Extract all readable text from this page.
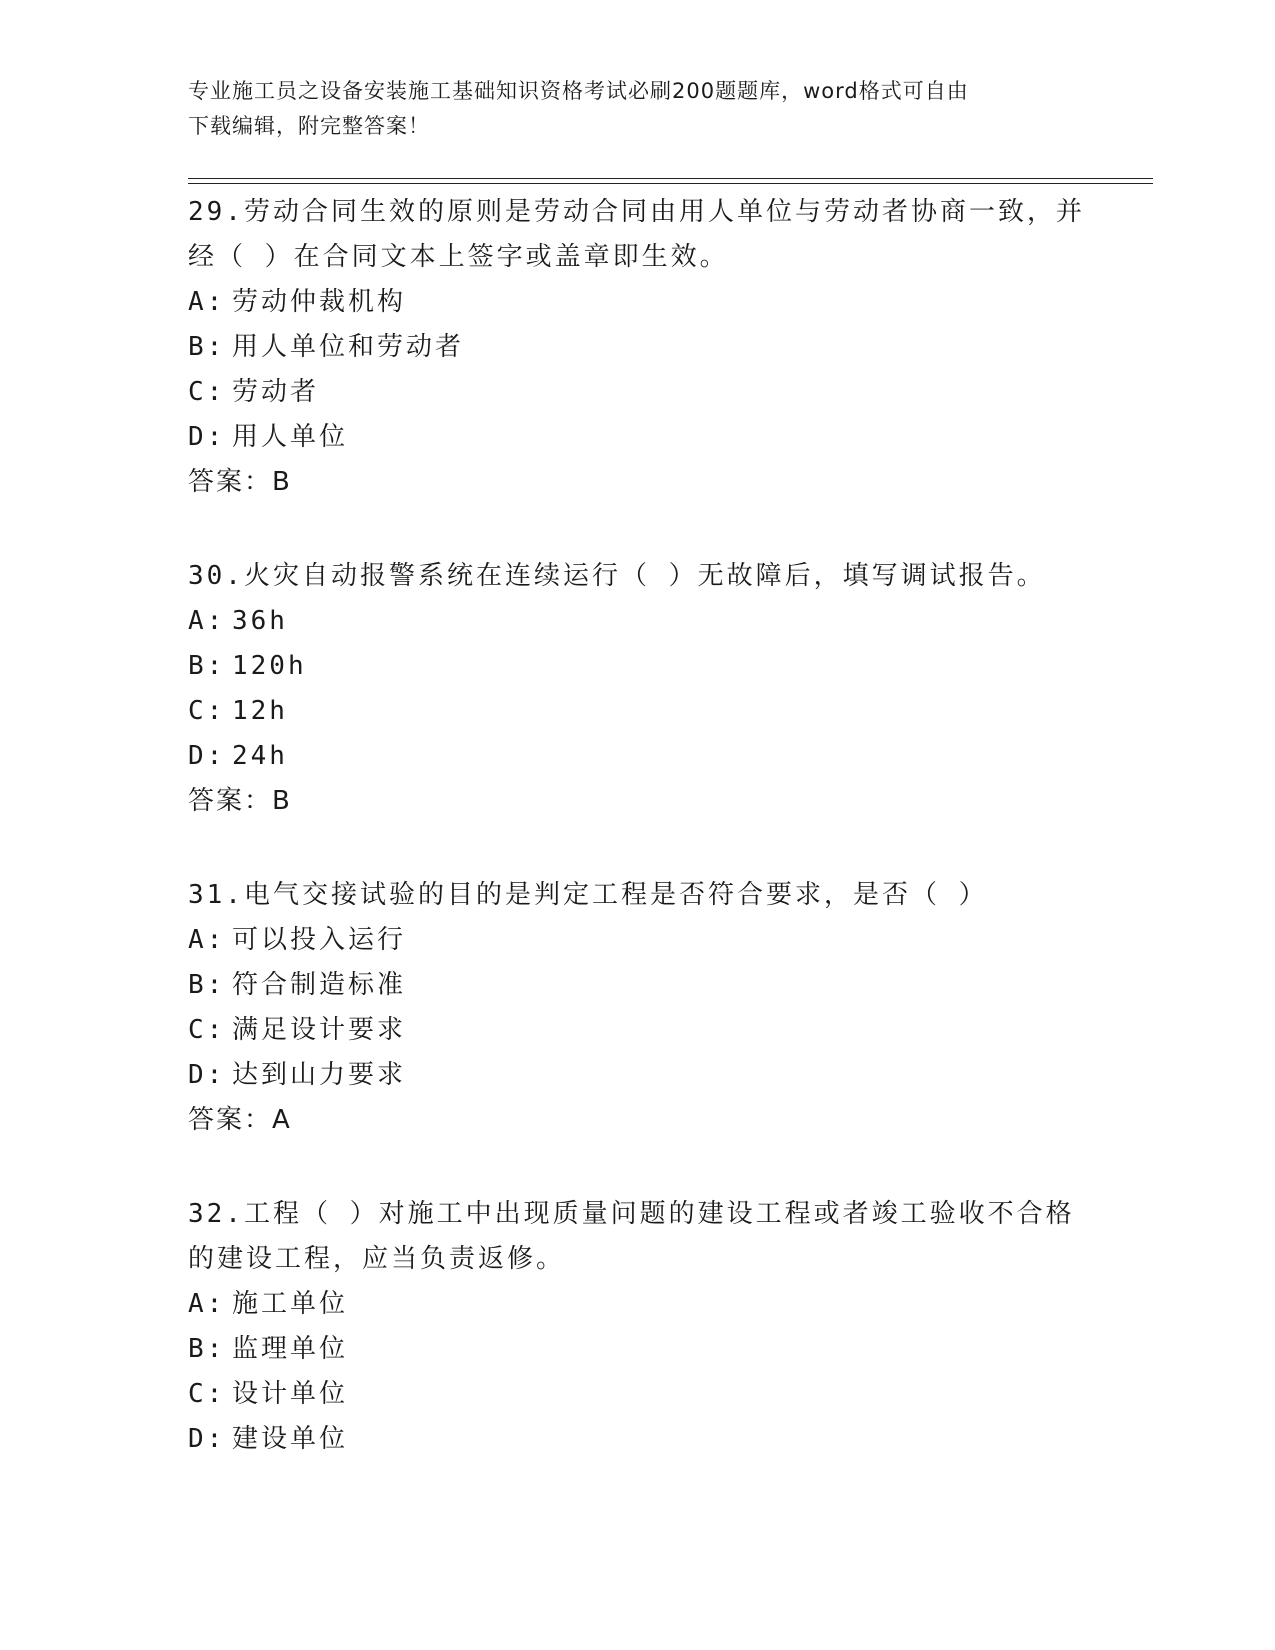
专业施工员之设备安装施工基础知识资格考试必刷200题题库，word格式可自由
下载编辑，附完整答案！
29.劳动合同生效的原则是劳动合同由用人单位与劳动者协商一致，并
经（ ）在合同文本上签字或盖章即生效。
A: 劳动仲裁机构
B: 用人单位和劳动者
C: 劳动者
D: 用人单位
答案：B
30.火灾自动报警系统在连续运行（ ）无故障后，填写调试报告。
A: 36h
B: 120h
C: 12h
D: 24h
答案：B
31.电气交接试验的目的是判定工程是否符合要求，是否（ ）
A: 可以投入运行
B: 符合制造标准
C: 满足设计要求
D: 达到山力要求
答案：A
32.工程（ ）对施工中出现质量问题的建设工程或者竣工验收不合格
的建设工程，应当负责返修。
A: 施工单位
B: 监理单位
C: 设计单位
D: 建设单位
